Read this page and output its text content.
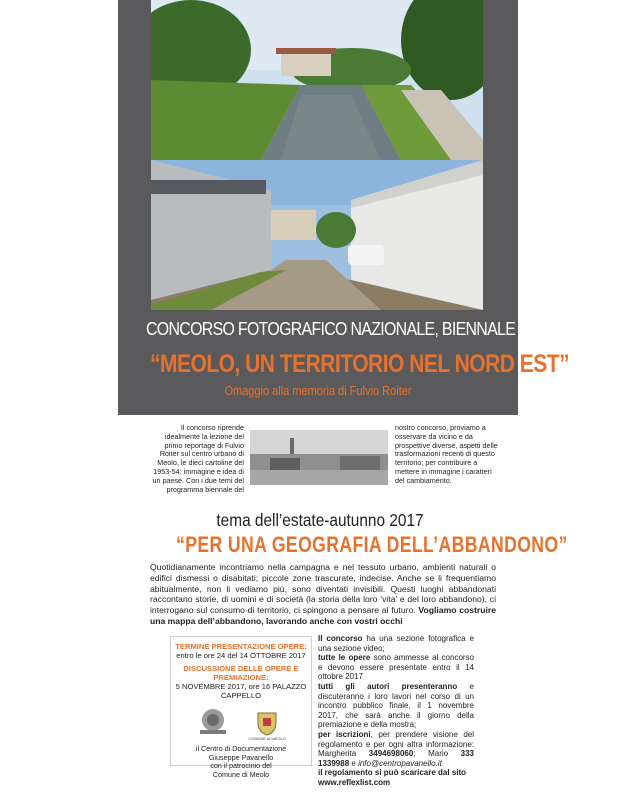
CONCORSO FOTOGRAFICO NAZIONALE, BIENNALE (2017-2018)
“MEOLO, UN TERRITORIO NEL NORD EST”
Omaggio alla memoria di Fulvio Roiter
Il concorso riprende idealmente la lezione del primo reportage di Fulvio Roiter sul centro urbano di Meolo, le dieci cartoline del 1953-54: immagine e idea di un paese. Con i due temi del programma biennale del
nostro concorso, proviamo a osservare da vicino e da prospettive diverse, aspetti delle trasformazioni recenti di questo territorio; per contribuire a mettere in immagine i caratteri del cambiamento.
tema dell’estate-autunno 2017
“PER UNA GEOGRAFIA DELL’ABBANDONO”
Quotidianamente incontriamo nella campagna e nel tessuto urbano, ambienti naturali o edifici dismessi o disabitati; piccole zone trascurate, indecise. Anche se li frequentiamo abitualmente, non li vediamo più, sono diventati invisibili. Questi luoghi abbandonati raccontano storie, di uomini e di società (la storia della loro ‘vita’ e del loro abbandono), ci interrogano sul consumo di territorio, ci spingono a pensare al futuro. Vogliamo costruire una mappa dell’abbandono, lavorando anche con vostri occhi
TERMINE PRESENTAZIONE OPERE:
entro le ore 24 del 14 OTTOBRE 2017
DISCUSSIONE DELLE OPERE E PREMIAZIONE:
5 NOVEMBRE 2017, ore 16 PALAZZO CAPPELLO
COMUNE di MEOLO
il Centro di Documentazione
Giuseppe Pavanello
con il patrocinio del
Comune di Meolo
Il concorso ha una sezione fotografica e una sezione video;
tutte le opere sono ammesse al concorso e devono essere presentate entro il 14 ottobre 2017
tutti gli autori presenteranno e discuteranno i loro lavori nel corso di un incontro pubblico finale, il 1 novembre 2017, che sarà anche il giorno della premiazione e della mostra;
per iscrizioni, per prendere visione del regolamento e per ogni altra informazione: Margherita 3494698060; Mario 333 1339988 e info@centropavanello.it
il regolamento si può scaricare dal sito
www.reflexlist.com
